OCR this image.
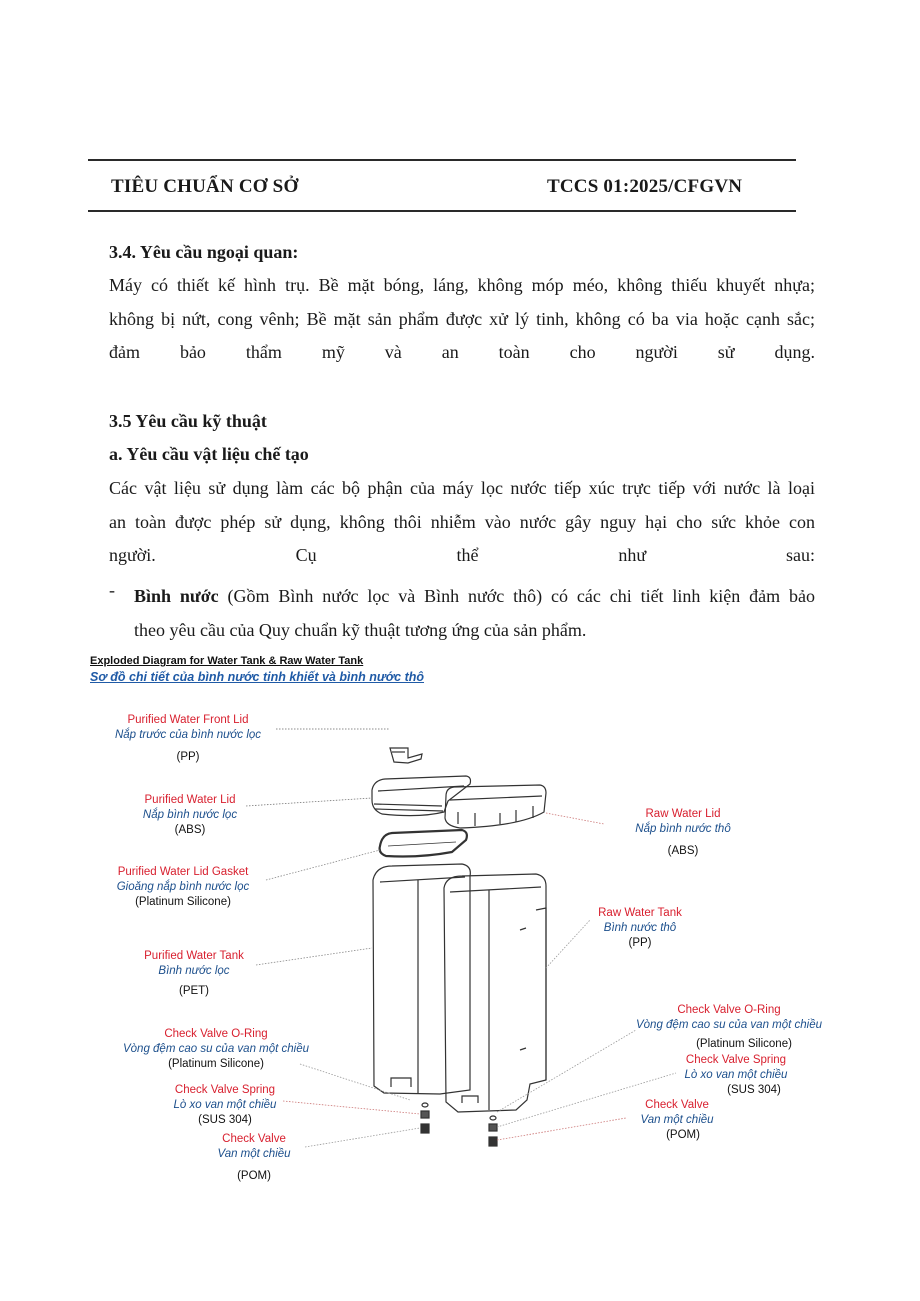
TIÊU CHUẨN CƠ SỞ	TCCS 01:2025/CFGVN
3.4. Yêu cầu ngoại quan:
Máy có thiết kế hình trụ. Bề mặt bóng, láng, không móp méo, không thiếu khuyết nhựa;
không bị nứt, cong vênh; Bề mặt sản phẩm được xử lý tinh, không có ba via hoặc cạnh sắc;
đảm bảo thẩm mỹ và an toàn cho người sử dụng.
3.5 Yêu cầu kỹ thuật
a. Yêu cầu vật liệu chế tạo
Các vật liệu sử dụng làm các bộ phận của máy lọc nước tiếp xúc trực tiếp với nước là loại
an toàn được phép sử dụng, không thôi nhiễm vào nước gây nguy hại cho sức khỏe con
người. Cụ thể như sau:
- Bình nước (Gồm Bình nước lọc và Bình nước thô) có các chi tiết linh kiện đảm bảo
theo yêu cầu của Quy chuẩn kỹ thuật tương ứng của sản phẩm.
Exploded Diagram for Water Tank & Raw Water Tank
Sơ đồ chi tiết của bình nước tinh khiết và bình nước thô
Purified Water Front Lid
Nắp trước của bình nước lọc
(PP)
Purified Water Lid
Nắp bình nước lọc
(ABS)
Purified Water Lid Gasket
Gioăng nắp bình nước lọc
(Platinum Silicone)
Purified Water Tank
Bình nước lọc
(PET)
Check Valve O-Ring
Vòng đệm cao su của van một chiều
(Platinum Silicone)
Check Valve Spring
Lò xo van một chiều
(SUS 304)
Check Valve
Van một chiều
(POM)
Raw Water Lid
Nắp bình nước thô
(ABS)
Raw Water Tank
Bình nước thô
(PP)
Check Valve O-Ring
Vòng đệm cao su của van một chiều
(Platinum Silicone)
Check Valve Spring
Lò xo van một chiều
(SUS 304)
Check Valve
Van một chiều
(POM)
